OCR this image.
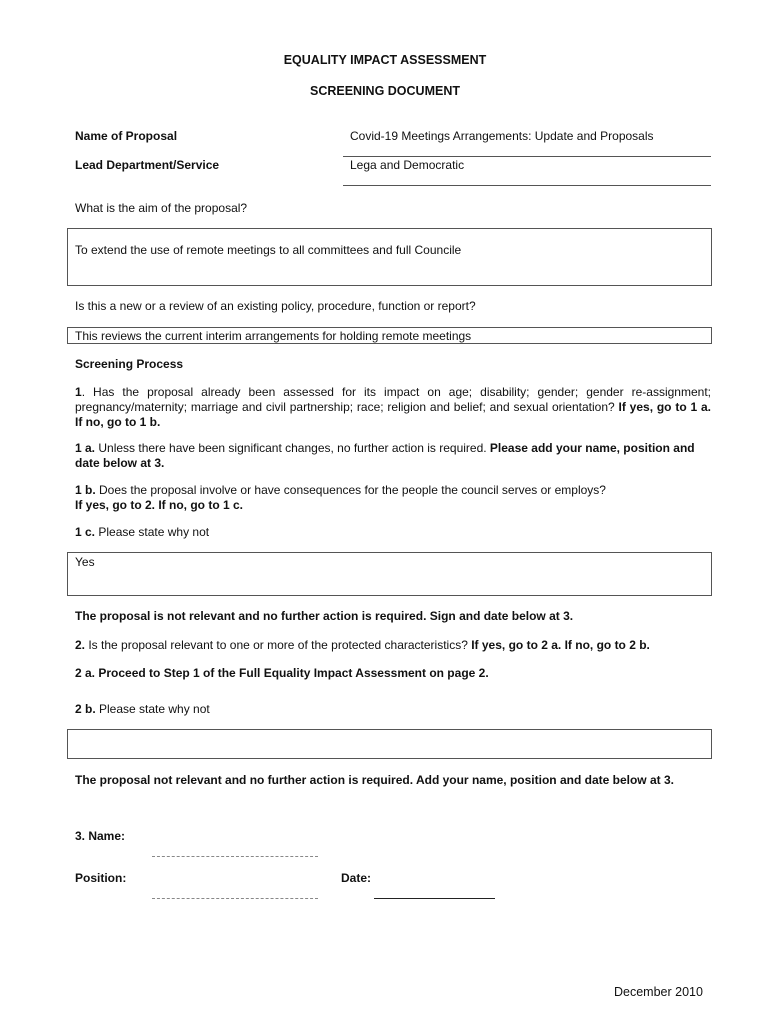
EQUALITY IMPACT ASSESSMENT
SCREENING DOCUMENT
Name of Proposal	Covid-19 Meetings Arrangements: Update and Proposals
Lead Department/Service	Lega and Democratic
What is the aim of the proposal?
To extend the use of remote meetings to all committees and full Councile
Is this a new or a review of an existing policy, procedure, function or report?
This reviews the current interim arrangements for holding remote meetings
Screening Process
1. Has the proposal already been assessed for its impact on age; disability; gender; gender re-assignment; pregnancy/maternity; marriage and civil partnership; race; religion and belief; and sexual orientation? If yes, go to 1 a. If no, go to 1 b.
1 a. Unless there have been significant changes, no further action is required. Please add your name, position and date below at 3.
1 b. Does the proposal involve or have consequences for the people the council serves or employs?
If yes, go to 2. If no, go to 1 c.
1 c. Please state why not
Yes
The proposal is not relevant and no further action is required. Sign and date below at 3.
2. Is the proposal relevant to one or more of the protected characteristics? If yes, go to 2 a. If no, go to 2 b.
2 a. Proceed to Step 1 of the Full Equality Impact Assessment on page 2.
2 b. Please state why not
The proposal not relevant and no further action is required. Add your name, position and date below at 3.
3. Name:
Position:	Date:
December 2010
